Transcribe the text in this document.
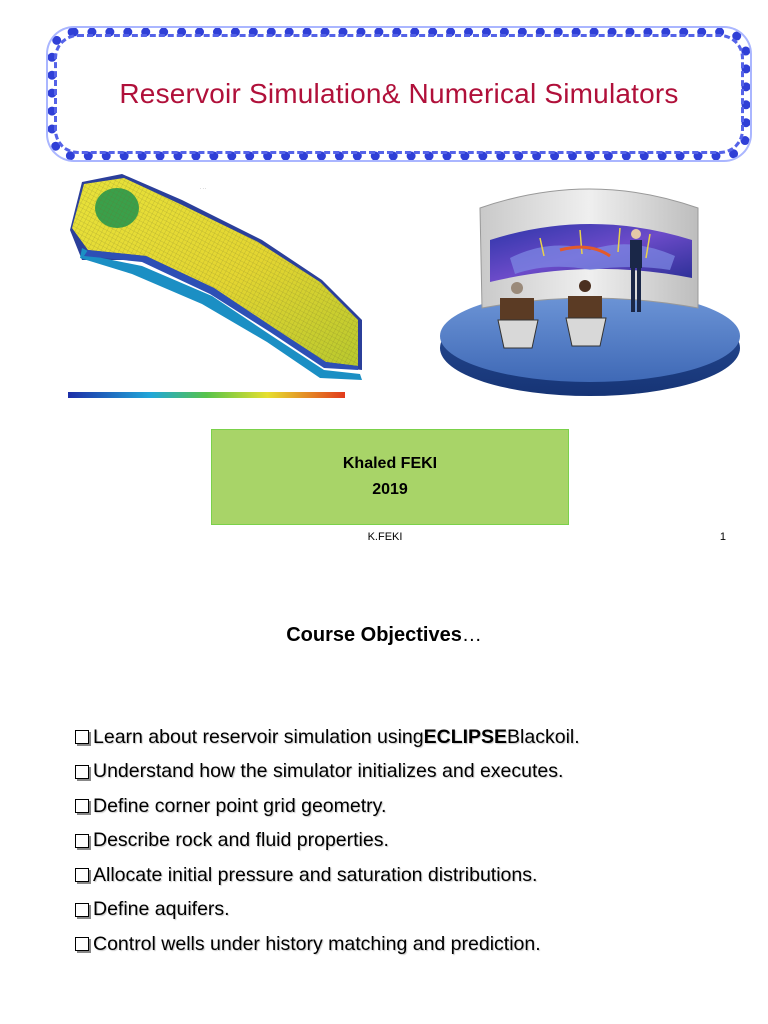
Reservoir Simulation& Numerical Simulators
· · ·
Khaled FEKI
2019
K.FEKI	1
Course Objectives…
Learn about reservoir simulation using ECLIPSE Blackoil.
Understand how the simulator initializes and executes.
Define corner point grid geometry.
Describe rock and fluid properties.
Allocate initial pressure and saturation distributions.
Define aquifers.
Control wells under history matching and prediction.
